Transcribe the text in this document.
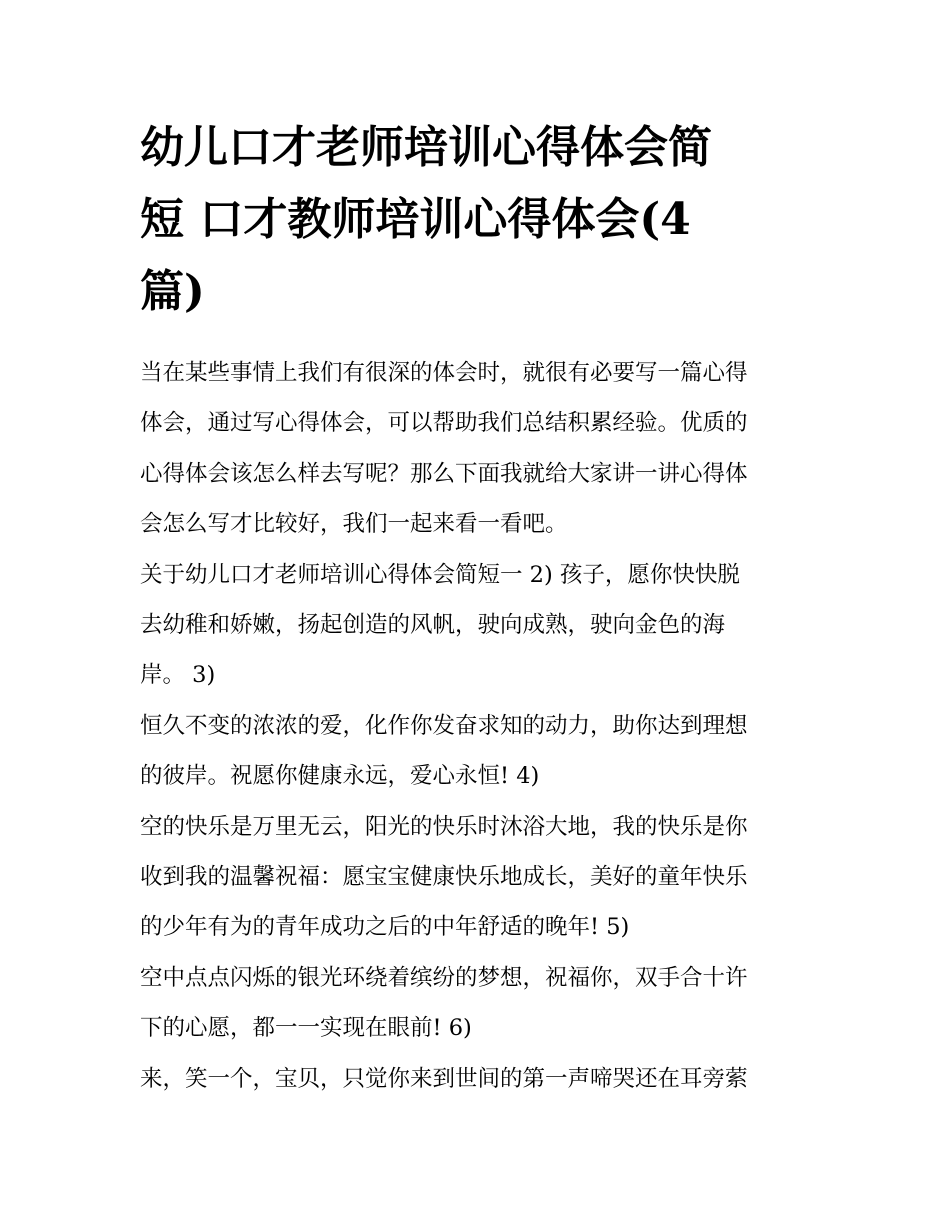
幼儿口才老师培训心得体会简
短 口才教师培训心得体会(4
篇)
当在某些事情上我们有很深的体会时，就很有必要写一篇心得
体会，通过写心得体会，可以帮助我们总结积累经验。优质的
心得体会该怎么样去写呢？那么下面我就给大家讲一讲心得体
会怎么写才比较好，我们一起来看一看吧。
关于幼儿口才老师培训心得体会简短一 2) 孩子，愿你快快脱
去幼稚和娇嫩，扬起创造的风帆，驶向成熟，驶向金色的海
岸。 3)
恒久不变的浓浓的爱，化作你发奋求知的动力，助你达到理想
的彼岸。祝愿你健康永远，爱心永恒! 4)
空的快乐是万里无云，阳光的快乐时沐浴大地，我的快乐是你
收到我的温馨祝福：愿宝宝健康快乐地成长，美好的童年快乐
的少年有为的青年成功之后的中年舒适的晚年! 5)
空中点点闪烁的银光环绕着缤纷的梦想，祝福你，双手合十许
下的心愿，都一一实现在眼前! 6)
来，笑一个，宝贝，只觉你来到世间的第一声啼哭还在耳旁萦
